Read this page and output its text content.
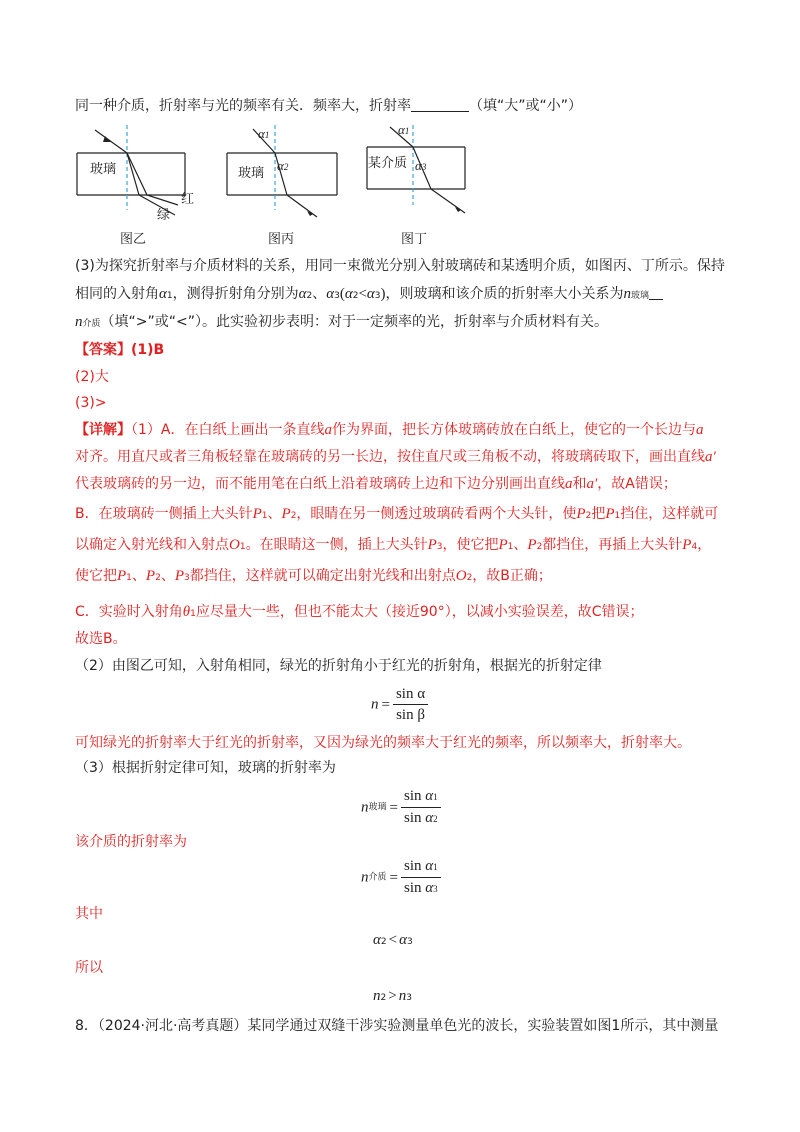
同一种介质，折射率与光的频率有关．频率大，折射率	（填“大”或“小”）
玻璃
红
绿
图乙
玻璃
α1
α2
图丙
某介质
α1
α3
图丁
(3)为探究折射率与介质材料的关系，用同一束微光分别入射玻璃砖和某透明介质，如图丙、丁所示。保持
相同的入射角α1，测得折射角分别为α2、α3(α2<α3)，则玻璃和该介质的折射率大小关系为n玻璃
n介质（填“>”或“<”）。此实验初步表明：对于一定频率的光，折射率与介质材料有关。
【答案】(1)B
(2)大
(3)>
【详解】（1）A．在白纸上画出一条直线a作为界面，把长方体玻璃砖放在白纸上，使它的一个长边与a
对齐。用直尺或者三角板轻靠在玻璃砖的另一长边，按住直尺或三角板不动，将玻璃砖取下，画出直线a′
代表玻璃砖的另一边，而不能用笔在白纸上沿着玻璃砖上边和下边分别画出直线a和a′，故A错误；
B．在玻璃砖一侧插上大头针P1、P2，眼睛在另一侧透过玻璃砖看两个大头针，使P2把P1挡住，这样就可
以确定入射光线和入射点O1。在眼睛这一侧，插上大头针P3，使它把P1、P2都挡住，再插上大头针P4，
使它把P1、P2、P3都挡住，这样就可以确定出射光线和出射点O2，故B正确；
C．实验时入射角θ1应尽量大一些，但也不能太大（接近90°），以减小实验误差，故C错误；
故选B。
（2）由图乙可知，入射角相同，绿光的折射角小于红光的折射角，根据光的折射定律
$n = \frac{\text{sin α}}{\text{sin β}}$
可知绿光的折射率大于红光的折射率，又因为绿光的频率大于红光的频率，所以频率大，折射率大。
（3）根据折射定律可知，玻璃的折射率为
n玻璃 = $\frac{\text{sin α1}}{\text{sin α2}}$
该介质的折射率为
n介质 = $\frac{\text{sin α1}}{\text{sin α3}}$
其中
α2 < α3
所以
n2 > n3
8．（2024·河北·高考真题）某同学通过双缝干涉实验测量单色光的波长，实验装置如图1所示，其中测量
